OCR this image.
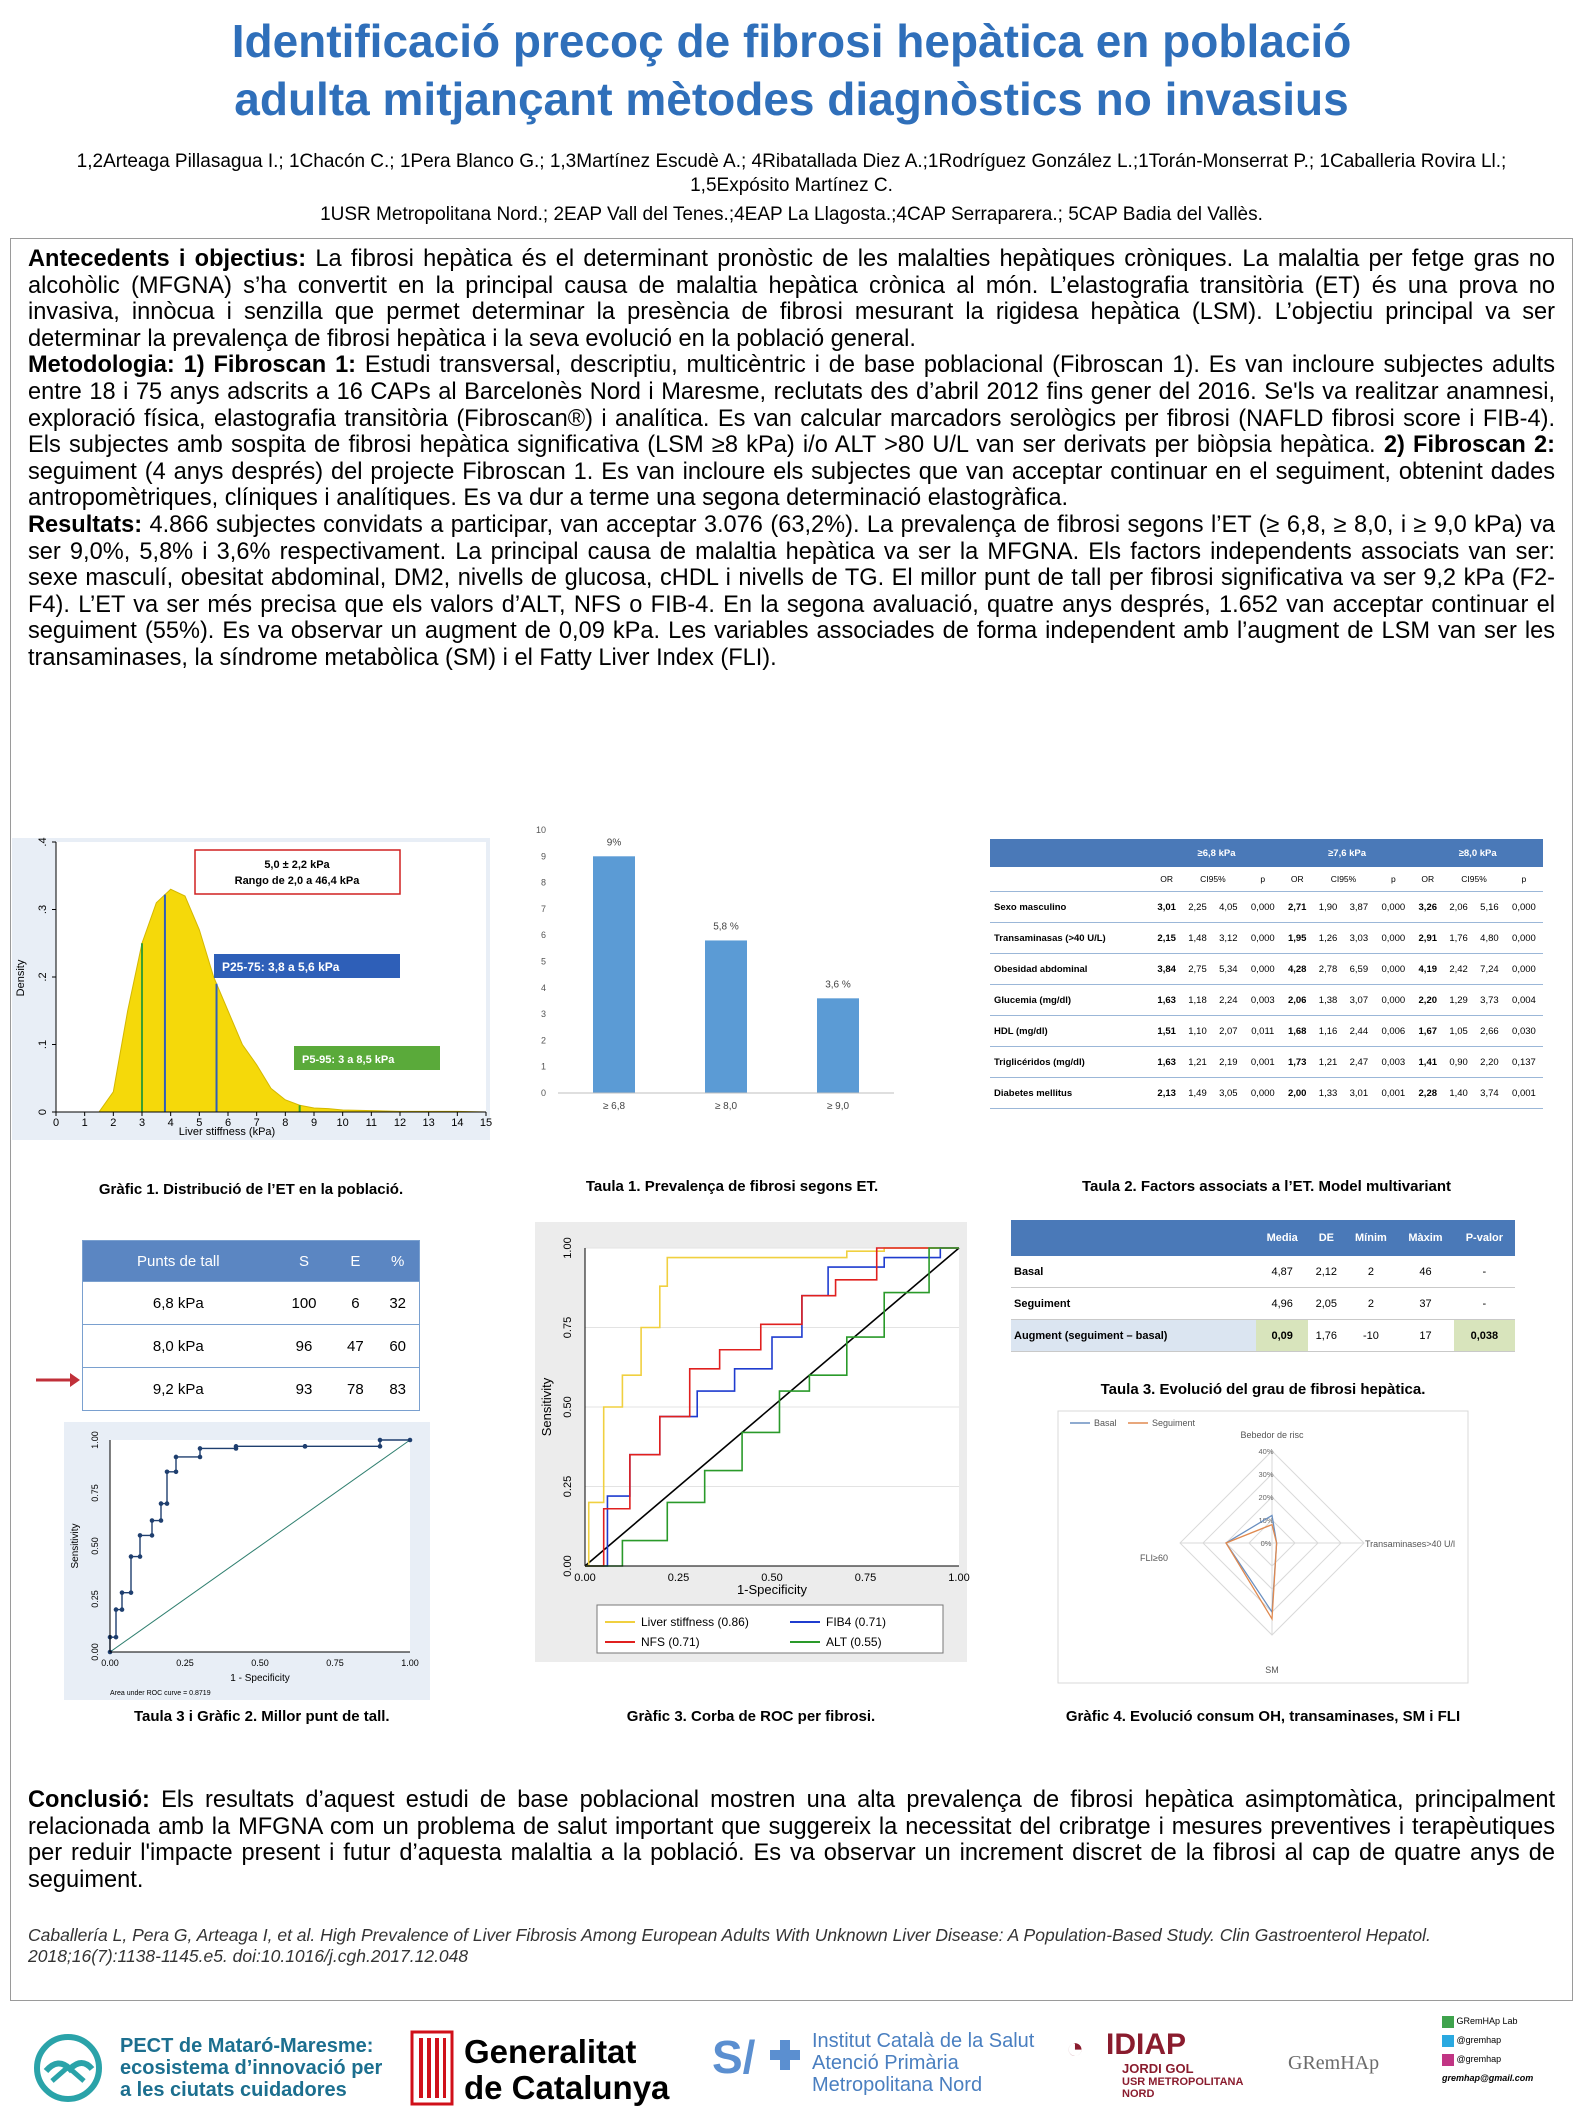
Identificació precoç de fibrosi hepàtica en població
adulta mitjançant mètodes diagnòstics no invasius
1,2Arteaga Pillasagua I.; 1Chacón C.; 1Pera Blanco G.; 1,3Martínez Escudè A.; 4Ribatallada Diez A.;1Rodríguez González L.;1Torán-Monserrat P.; 1Caballeria Rovira Ll.; 1,5Expósito Martínez C.
1USR Metropolitana Nord.; 2EAP Vall del Tenes.;4EAP La Llagosta.;4CAP Serraparera.; 5CAP Badia del Vallès.

Antecedents i objectius: La fibrosi hepàtica és el determinant pronòstic de les malalties hepàtiques cròniques. La malaltia per fetge gras no alcohòlic (MFGNA) s’ha convertit en la principal causa de malaltia hepàtica crònica al món. L’elastografia transitòria (ET) és una prova no invasiva, innòcua i senzilla que permet determinar la presència de fibrosi mesurant la rigidesa hepàtica (LSM). L’objectiu principal va ser determinar la prevalença de fibrosi hepàtica i la seva evolució en la població general.

Metodologia: 1) Fibroscan 1: Estudi transversal, descriptiu, multicèntric i de base poblacional (Fibroscan 1). Es van incloure subjectes adults entre 18 i 75 anys adscrits a 16 CAPs al Barcelonès Nord i Maresme, reclutats des d’abril 2012 fins gener del 2016. Se'ls va realitzar anamnesi, exploració física, elastografia transitòria (Fibroscan®) i analítica. Es van calcular marcadors serològics per fibrosi (NAFLD fibrosi score i FIB-4). Els subjectes amb sospita de fibrosi hepàtica significativa (LSM ≥8 kPa) i/o ALT >80 U/L van ser derivats per biòpsia hepàtica. 2) Fibroscan 2: seguiment (4 anys després) del projecte Fibroscan 1. Es van incloure els subjectes que van acceptar continuar en el seguiment, obtenint dades antropomètriques, clíniques i analítiques. Es va dur a terme una segona determinació elastogràfica.

Resultats: 4.866 subjectes convidats a participar, van acceptar 3.076 (63,2%). La prevalença de fibrosi segons l’ET (≥ 6,8, ≥ 8,0, i ≥ 9,0 kPa) va ser 9,0%, 5,8% i 3,6% respectivament. La principal causa de malaltia hepàtica va ser la MFGNA. Els factors independents associats van ser: sexe masculí, obesitat abdominal, DM2, nivells de glucosa, cHDL i nivells de TG. El millor punt de tall per fibrosi significativa va ser 9,2 kPa (F2-F4). L’ET va ser més precisa que els valors d’ALT, NFS o FIB-4. En la segona avaluació, quatre anys després, 1.652 van acceptar continuar el seguiment (55%). Es va observar un augment de 0,09 kPa. Les variables associades de forma independent amb l’augment de LSM van ser les transaminases, la síndrome metabòlica (SM) i el Fatty Liver Index (FLI).

0 1 2 3 4 5 6 7 8 9 10 11 12 13 14 15
0
.1
.2
.3
.4
Density
Liver stiffness (kPa)
5,0 ± 2,2 kPa
Rango de 2,0 a 46,4 kPa
P25-75: 3,8 a 5,6 kPa
P5-95: 3 a 8,5 kPa
Gràfic 1. Distribució de l’ET en la població.
0
1
2
3
4
5
6
7
8
9
10
9%
≥ 6,8
5,8 %
≥ 8,0
3,6 %
≥ 9,0
Taula 1. Prevalença de fibrosi segons ET.
	≥6,8 kPa				≥7,6 kPa				≥8,0 kPa			
	OR	CI95%		p	OR	CI95%		p	OR	CI95%		p
Sexo masculino	3,01	2,25	4,05	0,000	2,71	1,90	3,87	0,000	3,26	2,06	5,16	0,000
Transaminasas (>40 U/L)	2,15	1,48	3,12	0,000	1,95	1,26	3,03	0,000	2,91	1,76	4,80	0,000
Obesidad abdominal	3,84	2,75	5,34	0,000	4,28	2,78	6,59	0,000	4,19	2,42	7,24	0,000
Glucemia (mg/dl)	1,63	1,18	2,24	0,003	2,06	1,38	3,07	0,000	2,20	1,29	3,73	0,004
HDL (mg/dl)	1,51	1,10	2,07	0,011	1,68	1,16	2,44	0,006	1,67	1,05	2,66	0,030
Triglicéridos (mg/dl)	1,63	1,21	2,19	0,001	1,73	1,21	2,47	0,003	1,41	0,90	2,20	0,137
Diabetes mellitus	2,13	1,49	3,05	0,000	2,00	1,33	3,01	0,001	2,28	1,40	3,74	0,001
Taula 2. Factors associats a l’ET. Model multivariant
Punts de tall	S	E	%
6,8 kPa	100	6	32
8,0 kPa	96	47	60
9,2 kPa	93	78	83
0.00
0.00
0.25
0.25
0.50
0.50
0.75
0.75
1.00
1.00
Sensitivity
1 - Specificity
Area under ROC curve = 0.8719
Taula 3 i Gràfic 2. Millor punt de tall.
0.00
0.00
0.25
0.25
0.50
0.50
0.75
0.75
1.00
1.00
Sensitivity
1-Specificity
Liver stiffness (0.86)	FIB4 (0.71)
NFS (0.71)	ALT (0.55)
Gràfic 3. Corba de ROC per fibrosi.
	Media	DE	Mínim	Màxim	P-valor
Basal	4,87	2,12	2	46	-
Seguiment	4,96	2,05	2	37	-
Augment (seguiment – basal)	0,09	1,76	-10	17	0,038
Taula 3. Evolució del grau de fibrosi hepàtica.
Basal	Seguiment
0%
10%
20%
30%
40%
Bebedor de risc
Transaminases>40 U/l
SM
FLI≥60
Gràfic 4. Evolució consum OH, transaminases, SM i FLI

Conclusió: Els resultats d’aquest estudi de base poblacional mostren una alta prevalença de fibrosi hepàtica asimptomàtica, principalment relacionada amb la MFGNA com un problema de salut important que suggereix la necessitat del cribratge i mesures preventives i terapèutiques per reduir l'impacte present i futur d’aquesta malaltia a la població. Es va observar un increment discret de la fibrosi al cap de quatre anys de seguiment.

Caballería L, Pera G, Arteaga I, et al. High Prevalence of Liver Fibrosis Among European Adults With Unknown Liver Disease: A Population-Based Study. Clin Gastroenterol Hepatol. 2018;16(7):1138-1145.e5. doi:10.1016/j.cgh.2017.12.048

PECT de Mataró-Maresme:
ecosistema d’innovació per
a les ciutats cuidadores
Generalitat
de Catalunya
S/	Institut Català de la Salut
Atenció Primària
Metropolitana Nord
◔ IDIAP
JORDI GOL
USR METROPOLITANA
NORD
GRemHAp
GRemHAp Lab
@gremhap
@gremhap
gremhap@gmail.com
